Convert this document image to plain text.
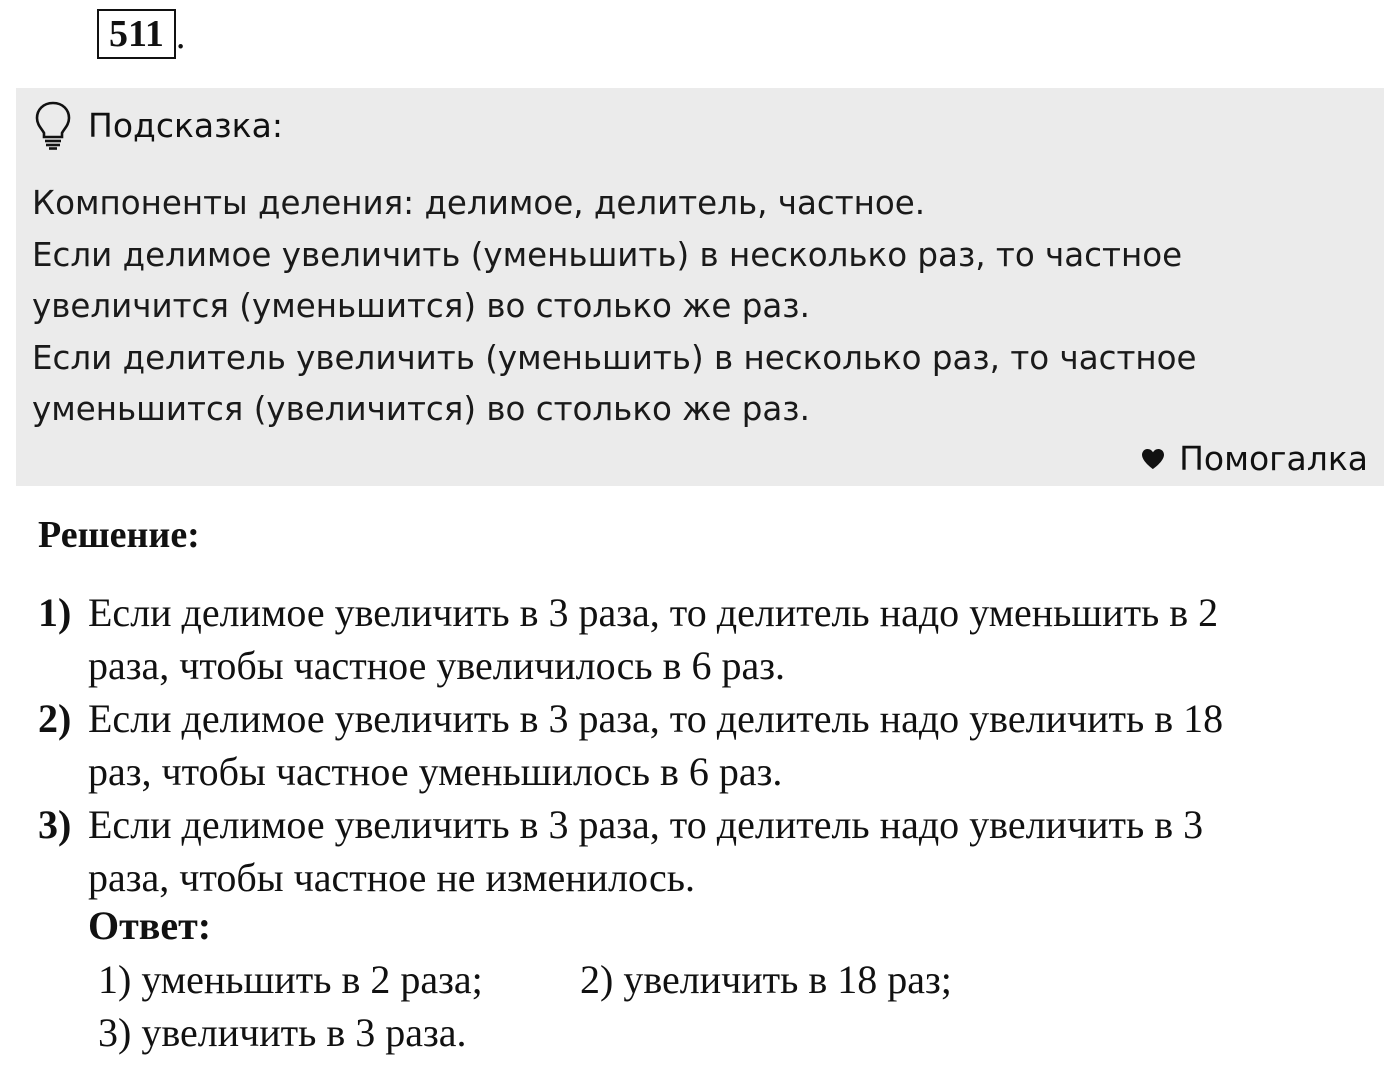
511 .
Подсказка:
Компоненты деления: делимое, делитель, частное.
Если делимое увеличить (уменьшить) в несколько раз, то частное
увеличится (уменьшится) во столько же раз.
Если делитель увеличить (уменьшить) в несколько раз, то частное
уменьшится (увеличится) во столько же раз.
Помогалка
Решение:
1) Если делимое увеличить в 3 раза, то делитель надо уменьшить в 2
раза, чтобы частное увеличилось в 6 раз.
2) Если делимое увеличить в 3 раза, то делитель надо увеличить в 18
раз, чтобы частное уменьшилось в 6 раз.
3) Если делимое увеличить в 3 раза, то делитель надо увеличить в 3
раза, чтобы частное не изменилось.
Ответ:
1) уменьшить в 2 раза; 2) увеличить в 18 раз;
3) увеличить в 3 раза.
